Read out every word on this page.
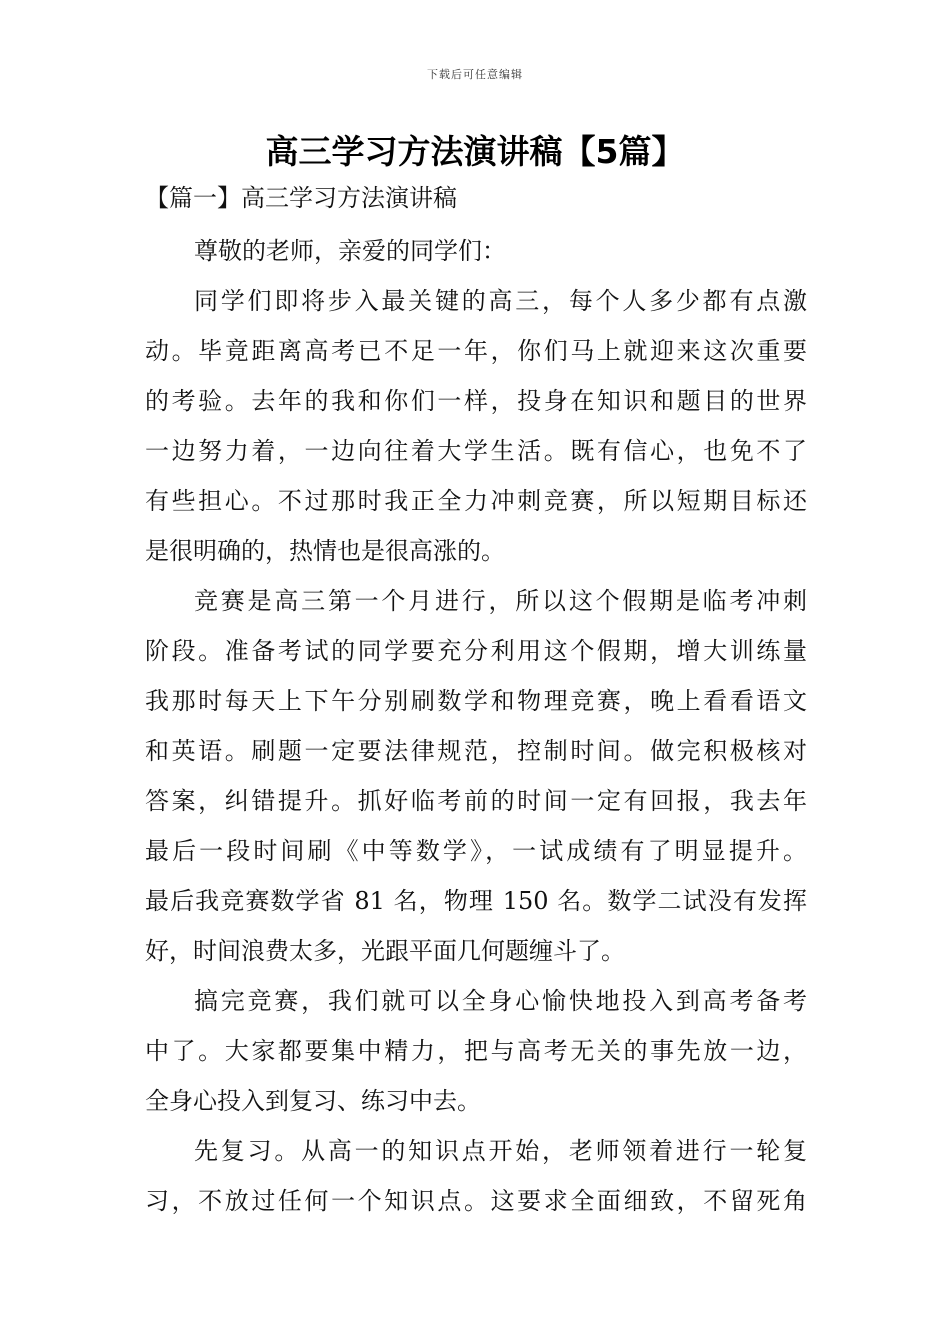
下载后可任意编辑
高三学习方法演讲稿【5篇】
【篇一】高三学习方法演讲稿
尊敬的老师，亲爱的同学们：
同学们即将步入最关键的高三，每个人多少都有点激
动。毕竟距离高考已不足一年，你们马上就迎来这次重要
的考验。去年的我和你们一样，投身在知识和题目的世界
一边努力着，一边向往着大学生活。既有信心，也免不了
有些担心。不过那时我正全力冲刺竞赛，所以短期目标还
是很明确的，热情也是很高涨的。
竞赛是高三第一个月进行，所以这个假期是临考冲刺
阶段。准备考试的同学要充分利用这个假期，增大训练量
我那时每天上下午分别刷数学和物理竞赛，晚上看看语文
和英语。刷题一定要法律规范，控制时间。做完积极核对
答案，纠错提升。抓好临考前的时间一定有回报，我去年
最后一段时间刷《中等数学》，一试成绩有了明显提升。
最后我竞赛数学省 81 名，物理 150 名。数学二试没有发挥
好，时间浪费太多，光跟平面几何题缠斗了。
搞完竞赛，我们就可以全身心愉快地投入到高考备考
中了。大家都要集中精力，把与高考无关的事先放一边，
全身心投入到复习、练习中去。
先复习。从高一的知识点开始，老师领着进行一轮复
习，不放过任何一个知识点。这要求全面细致，不留死角
